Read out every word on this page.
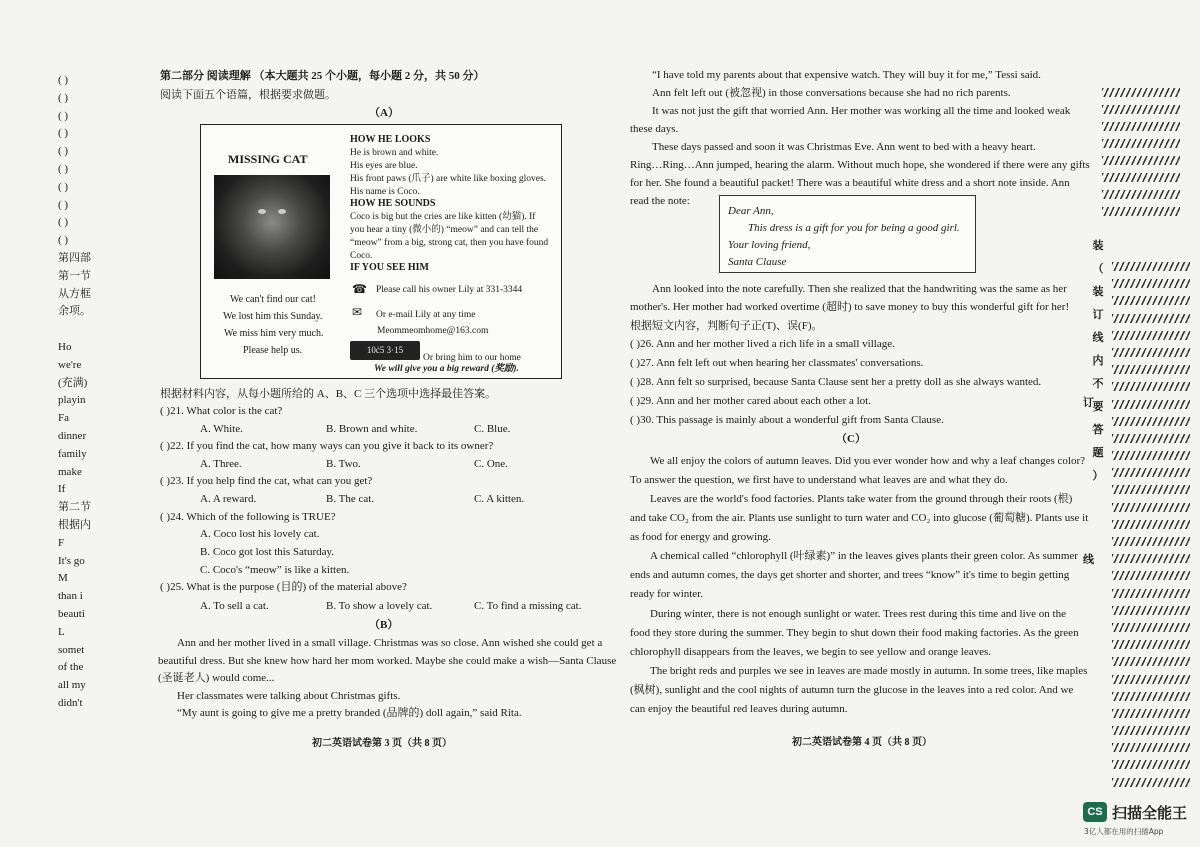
( )
( )
( )
( )
( )
( )
( )
( )
( )
( )
第四部
第一节
从方框
余项。
Ho
we're
(充满)
playin
Fa
dinner
family
make
If
第二节
根据内
F
It's go
M
than i
beauti
L
somet
of the
all my
didn't
第二部分 阅读理解 （本大题共 25 个小题，每小题 2 分，共 50 分）
阅读下面五个语篇，根据要求做题。
（A）
MISSING CAT
We can't find our cat!
We lost him this Sunday.
We miss him very much.
Please help us.
HOW HE LOOKS
He is brown and white.
His eyes are blue.
His front paws (爪子) are white like boxing gloves.
His name is Coco.
HOW HE SOUNDS
Coco is big but the cries are like kitten (幼猫). If
you hear a tiny (微小的) “meow” and can tell the
“meow” from a big, strong cat, then you have found
Coco.
IF YOU SEE HIM
☎ Please call his owner Lily at 331-3344
✉ Or e-mail Lily at any time
Meommeomhome@163.com
10ċ5 3·15
Or bring him to our home
We will give you a big reward (奖励).
根据材料内容，从每小题所给的 A、B、C 三个选项中选择最佳答案。
( )21. What color is the cat?
A. White.	B. Brown and white.	C. Blue.
( )22. If you find the cat, how many ways can you give it back to its owner?
A. Three.	B. Two.	C. One.
( )23. If you help find the cat, what can you get?
A. A reward.	B. The cat.	C. A kitten.
( )24. Which of the following is TRUE?
A. Coco lost his lovely cat.
B. Coco got lost this Saturday.
C. Coco's “meow” is like a kitten.
( )25. What is the purpose (目的) of the material above?
A. To sell a cat.	B. To show a lovely cat.	C. To find a missing cat.
（B）
Ann and her mother lived in a small village. Christmas was so close. Ann wished she could get a
beautiful dress. But she knew how hard her mom worked. Maybe she could make a wish—Santa Clause
(圣诞老人) would come...
Her classmates were talking about Christmas gifts.
“My aunt is going to give me a pretty branded (品牌的) doll again,” said Rita.
初二英语试卷第 3 页（共 8 页）
“I have told my parents about that expensive watch. They will buy it for me,” Tessi said.
Ann felt left out (被忽视) in those conversations because she had no rich parents.
It was not just the gift that worried Ann. Her mother was working all the time and looked weak
these days.
These days passed and soon it was Christmas Eve. Ann went to bed with a heavy heart.
Ring…Ring…Ann jumped, hearing the alarm. Without much hope, she wondered if there were any gifts
for her. She found a beautiful packet! There was a beautiful white dress and a short note inside. Ann
read the note:
Dear Ann,
This dress is a gift for you for being a good girl.
Your loving friend,
Santa Clause
Ann looked into the note carefully. Then she realized that the handwriting was the same as her
mother's. Her mother had worked overtime (超时) to save money to buy this wonderful gift for her!
根据短文内容，判断句子正(T)、误(F)。
( )26. Ann and her mother lived a rich life in a small village.
( )27. Ann felt left out when hearing her classmates' conversations.
( )28. Ann felt so surprised, because Santa Clause sent her a pretty doll as she always wanted.
( )29. Ann and her mother cared about each other a lot.
( )30. This passage is mainly about a wonderful gift from Santa Clause.
（C）
We all enjoy the colors of autumn leaves. Did you ever wonder how and why a leaf changes color?
To answer the question, we first have to understand what leaves are and what they do.
Leaves are the world's food factories. Plants take water from the ground through their roots (根)
and take CO₂ from the air. Plants use sunlight to turn water and CO₂ into glucose (葡萄糖). Plants use it
as food for energy and growing.
A chemical called “chlorophyll (叶绿素)” in the leaves gives plants their green color. As summer
ends and autumn comes, the days get shorter and shorter, and trees “know” it's time to begin getting
ready for winter.
During winter, there is not enough sunlight or water. Trees rest during this time and live on the
food they store during the summer. They begin to shut down their food making factories. As the green
chlorophyll disappears from the leaves, we begin to see yellow and orange leaves.
The bright reds and purples we see in leaves are made mostly in autumn. In some trees, like maples
(枫树), sunlight and the cool nights of autumn turn the glucose in the leaves into a red color. And we
can enjoy the beautiful red leaves during autumn.
初二英语试卷第 4 页（共 8 页）
装
（
装
订
线
内
不
要
答
题
）
订
线
CS 扫描全能王
3亿人都在用的扫描App
